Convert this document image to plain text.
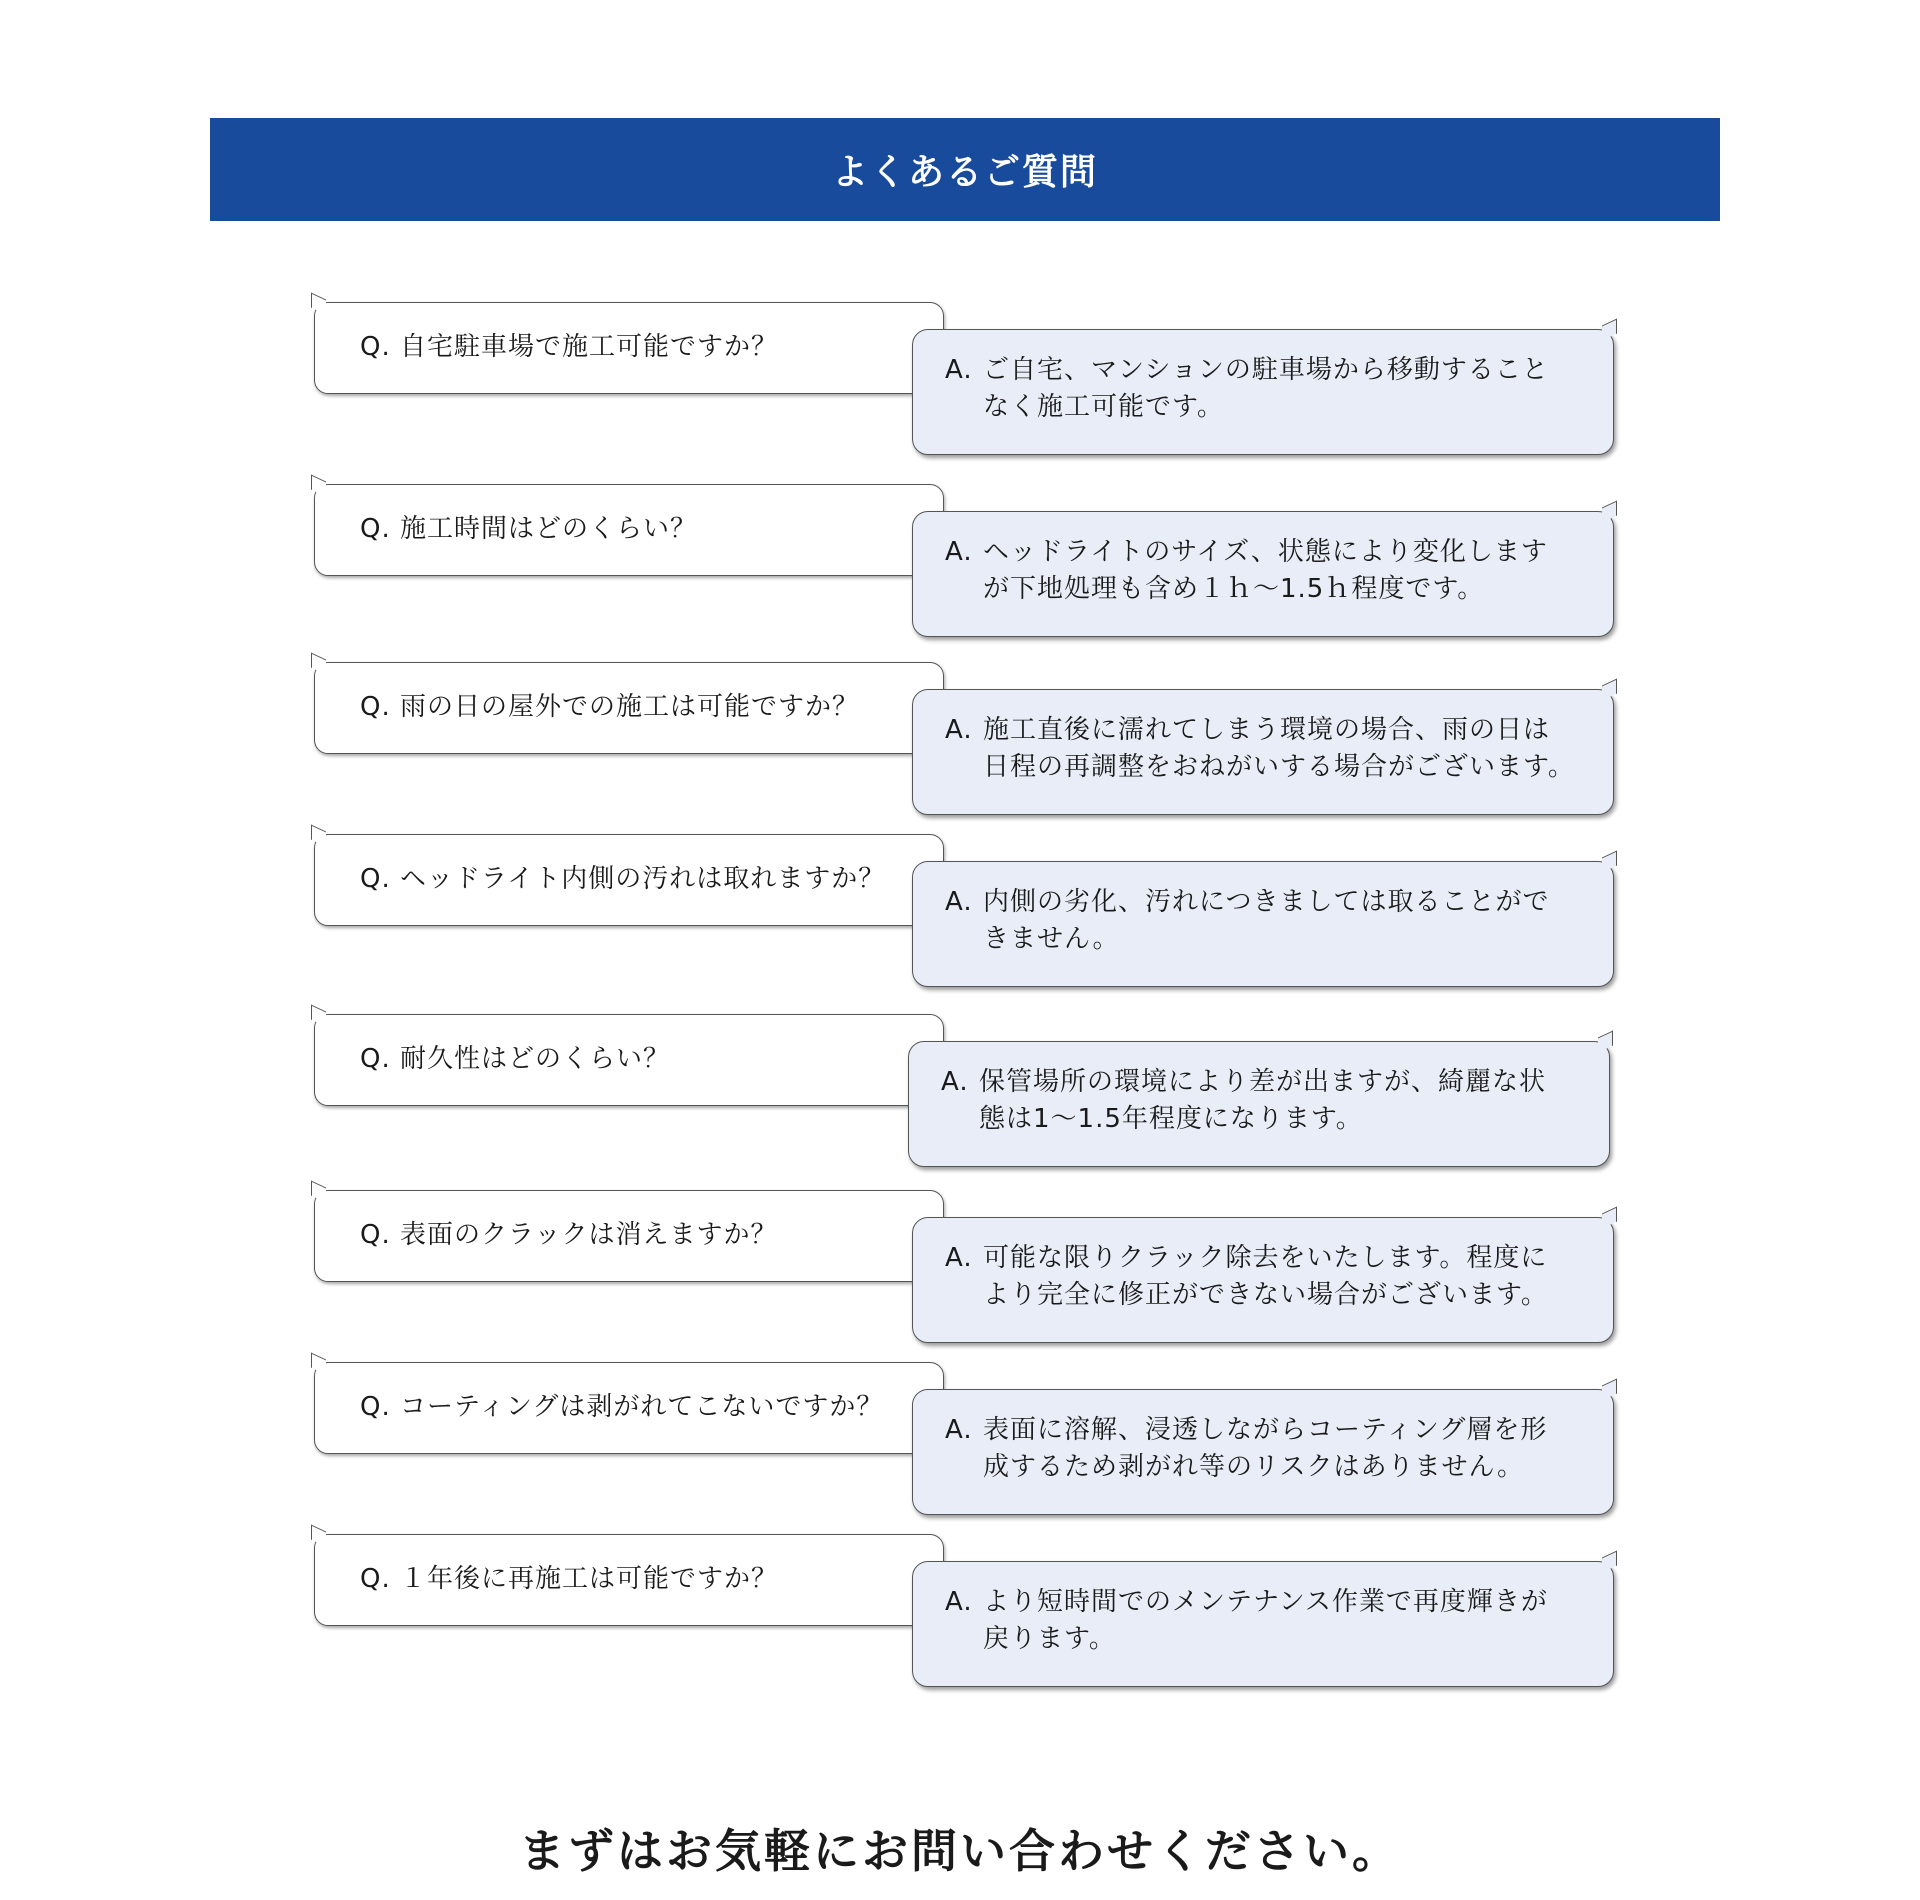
よくあるご質問
Q. 自宅駐車場で施工可能ですか？
A. ご自宅、マンションの駐車場から移動すること
なく施工可能です。
Q. 施工時間はどのくらい？
A. ヘッドライトのサイズ、状態により変化します
が下地処理も含め１ｈ～1.5ｈ程度です。
Q. 雨の日の屋外での施工は可能ですか？
A. 施工直後に濡れてしまう環境の場合、雨の日は
日程の再調整をおねがいする場合がございます。
Q. ヘッドライト内側の汚れは取れますか？
A. 内側の劣化、汚れにつきましては取ることがで
きません。
Q. 耐久性はどのくらい？
A. 保管場所の環境により差が出ますが、綺麗な状
態は1～1.5年程度になります。
Q. 表面のクラックは消えますか？
A. 可能な限りクラック除去をいたします。程度に
より完全に修正ができない場合がございます。
Q. コーティングは剥がれてこないですか？
A. 表面に溶解、浸透しながらコーティング層を形
成するため剥がれ等のリスクはありません。
Q. １年後に再施工は可能ですか？
A. より短時間でのメンテナンス作業で再度輝きが
戻ります。
まずはお気軽にお問い合わせください。
